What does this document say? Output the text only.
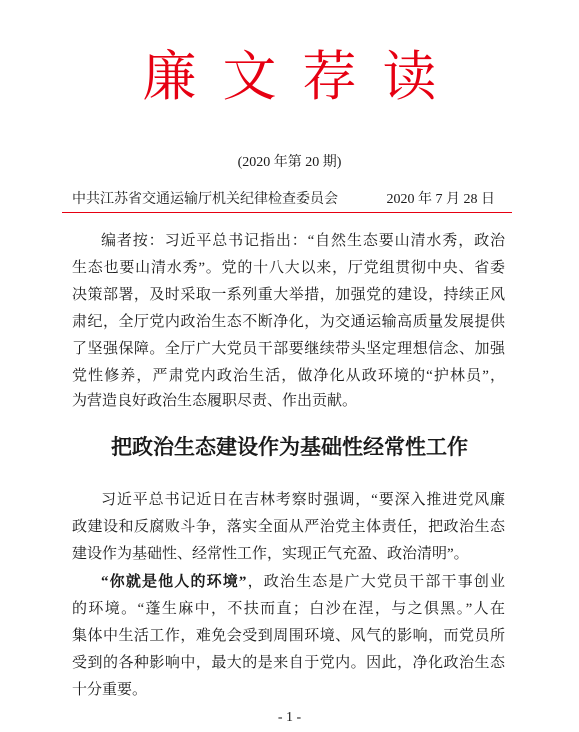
廉文荐读
(2020 年第 20 期)
中共江苏省交通运输厅机关纪律检查委员会	2020 年 7 月 28 日
编者按：习近平总书记指出：“自然生态要山清水秀，政治
生态也要山清水秀”。党的十八大以来，厅党组贯彻中央、省委
决策部署，及时采取一系列重大举措，加强党的建设，持续正风
肃纪，全厅党内政治生态不断净化，为交通运输高质量发展提供
了坚强保障。全厅广大党员干部要继续带头坚定理想信念、加强
党性修养，严肃党内政治生活，做净化从政环境的“护林员”，
为营造良好政治生态履职尽责、作出贡献。
把政治生态建设作为基础性经常性工作
习近平总书记近日在吉林考察时强调，“要深入推进党风廉
政建设和反腐败斗争，落实全面从严治党主体责任，把政治生态
建设作为基础性、经常性工作，实现正气充盈、政治清明”。
“你就是他人的环境”，政治生态是广大党员干部干事创业
的环境。“蓬生麻中，不扶而直；白沙在涅，与之俱黑。”人在
集体中生活工作，难免会受到周围环境、风气的影响，而党员所
受到的各种影响中，最大的是来自于党内。因此，净化政治生态
十分重要。
- 1 -
